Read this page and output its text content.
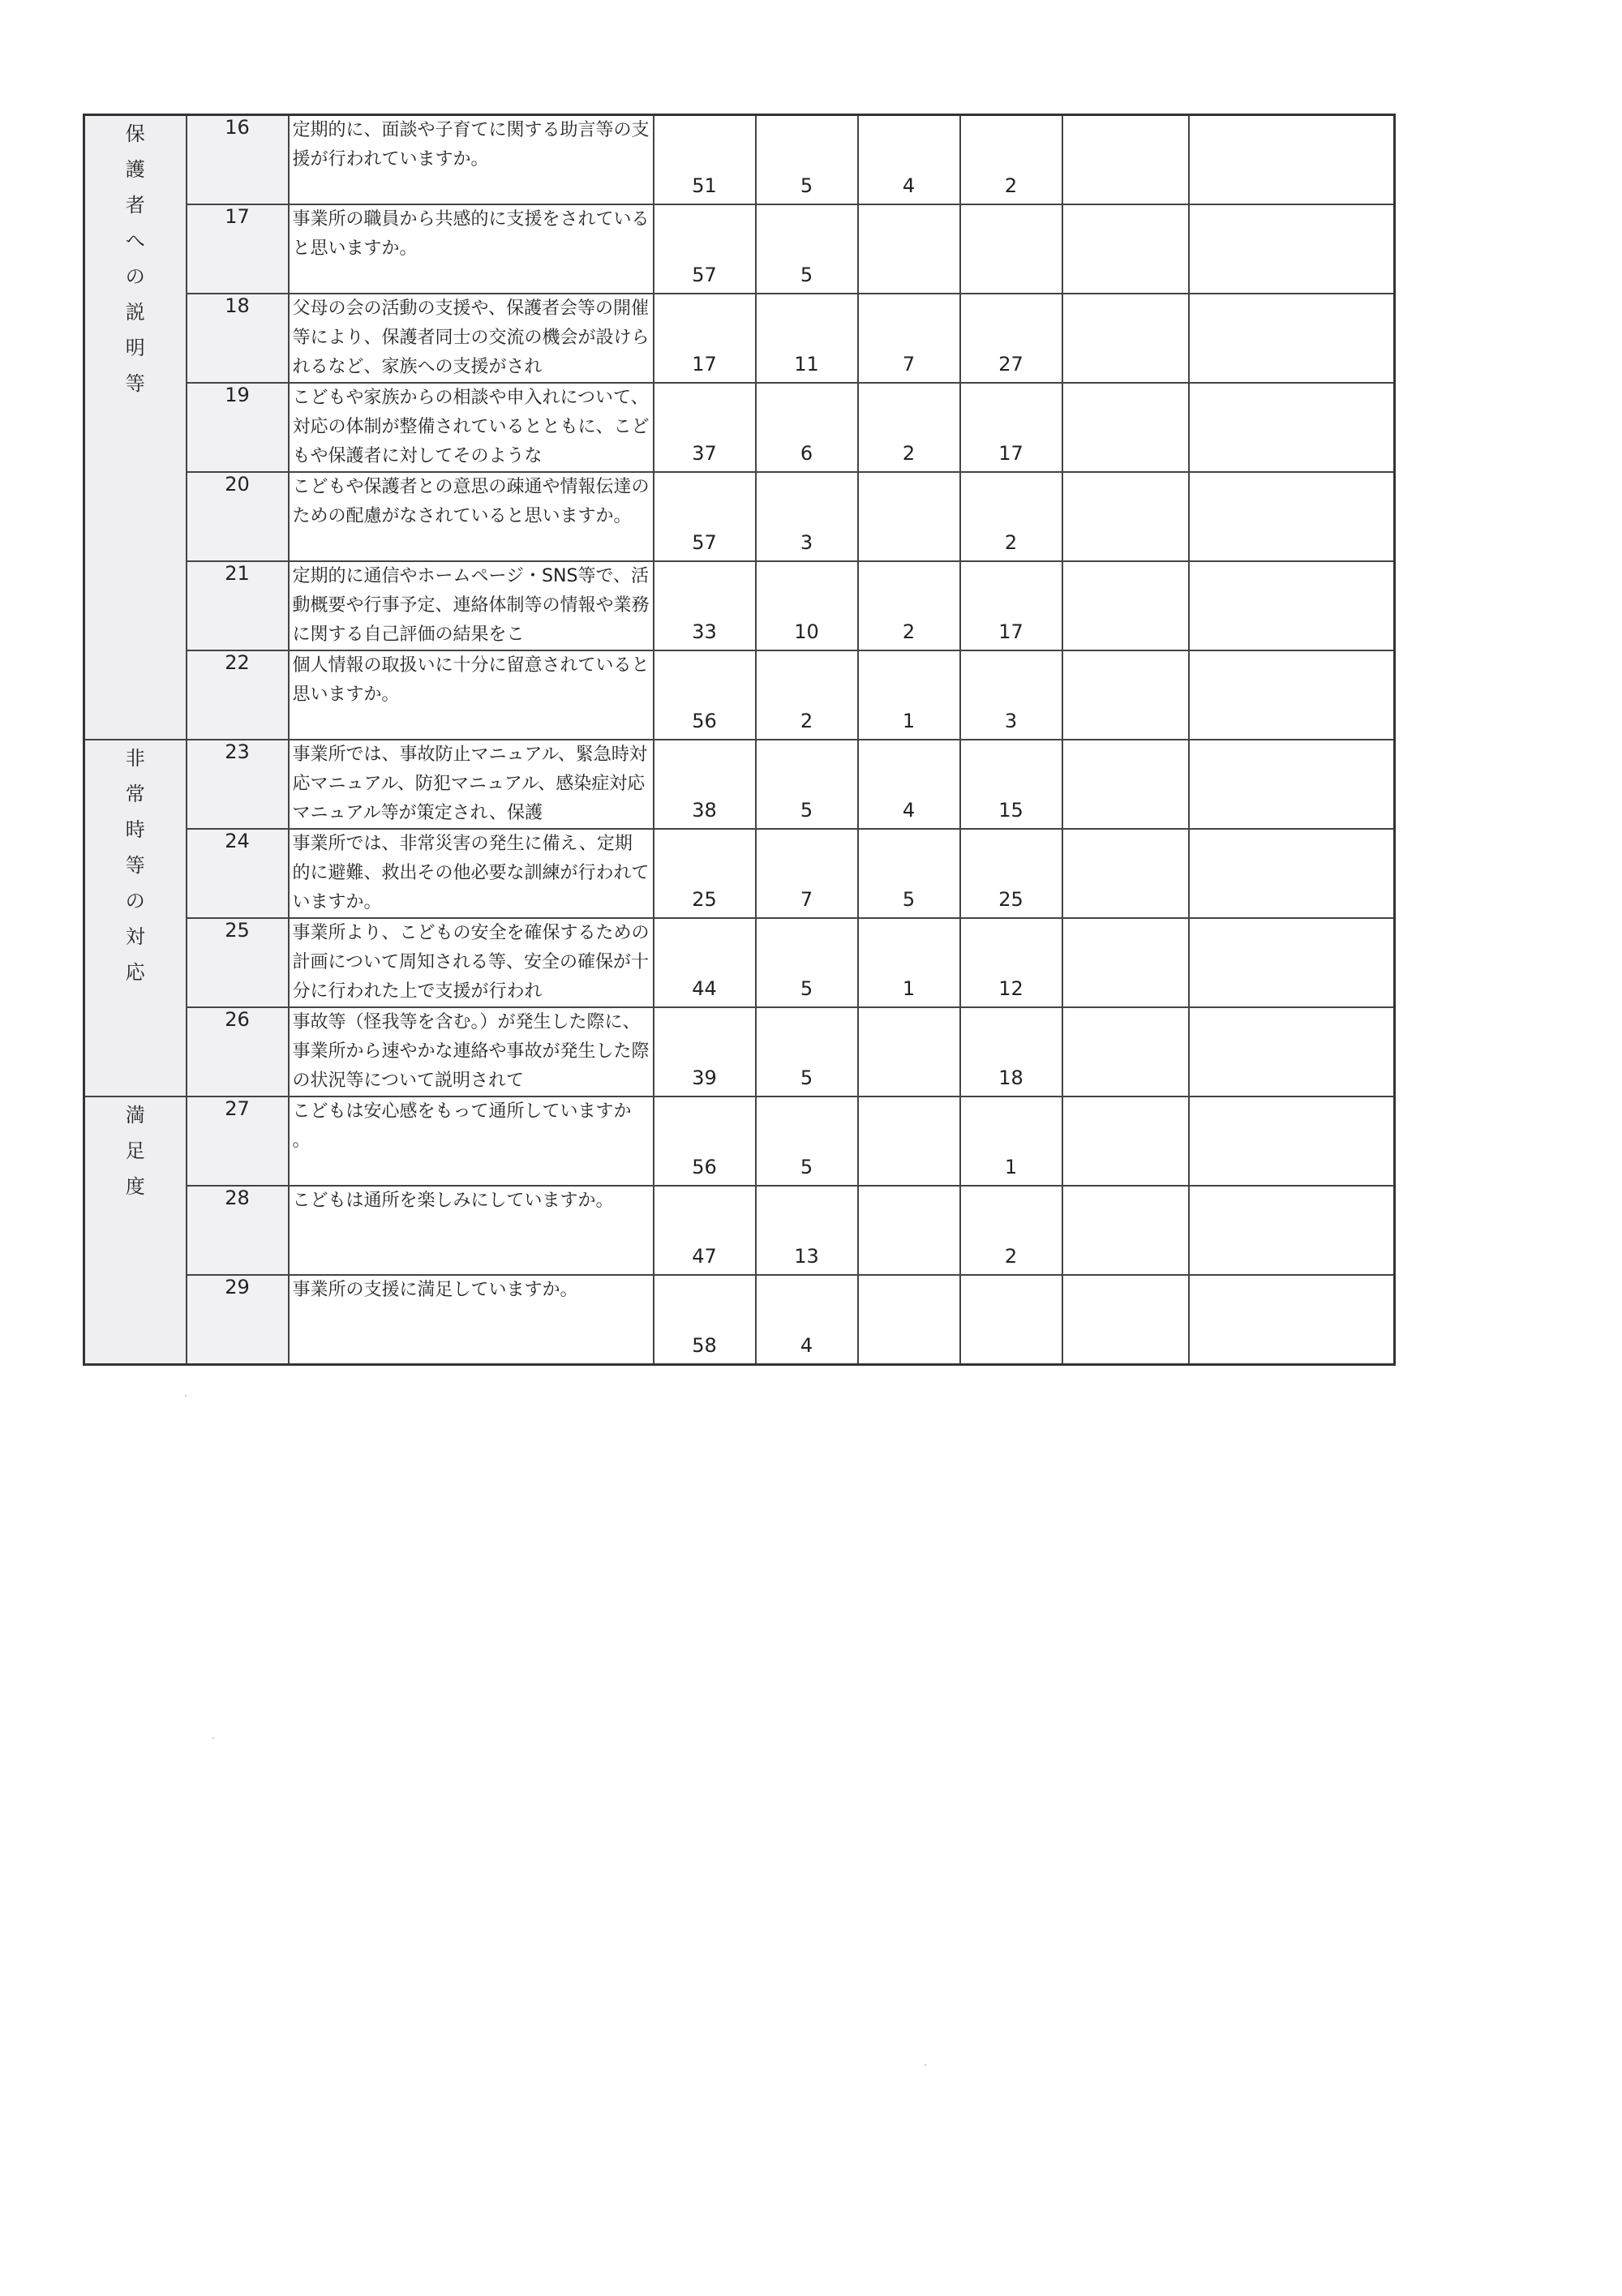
保護者への説明等	16	定期的に、面談や子育てに関する助言等の支援が行われていますか。	51	5	4	2		

	17	事業所の職員から共感的に支援をされていると思いますか。	57	5				

	18	父母の会の活動の支援や、保護者会等の開催等により、保護者同士の交流の機会が設けられるなど、家族への支援がされ	17	11	7	27		

	19	こどもや家族からの相談や申入れについて、対応の体制が整備されているとともに、こどもや保護者に対してそのような	37	6	2	17		

	20	こどもや保護者との意思の疎通や情報伝達のための配慮がなされていると思いますか。	57	3		2		

	21	定期的に通信やホームページ・SNS等で、活動概要や行事予定、連絡体制等の情報や業務に関する自己評価の結果をこ	33	10	2	17		

	22	個人情報の取扱いに十分に留意されていると思いますか。	56	2	1	3		

非常時等の対応	23	事業所では、事故防止マニュアル、緊急時対応マニュアル、防犯マニュアル、感染症対応マニュアル等が策定され、保護	38	5	4	15		

	24	事業所では、非常災害の発生に備え、定期的に避難、救出その他必要な訓練が行われていますか。	25	7	5	25		

	25	事業所より、こどもの安全を確保するための計画について周知される等、安全の確保が十分に行われた上で支援が行われ	44	5	1	12		

	26	事故等（怪我等を含む。）が発生した際に、事業所から速やかな連絡や事故が発生した際の状況等について説明されて	39	5		18		

満足度	27	こどもは安心感をもって通所していますか 。	56	5		1		

	28	こどもは通所を楽しみにしていますか。	47	13		2		

	29	事業所の支援に満足していますか。	58	4				
